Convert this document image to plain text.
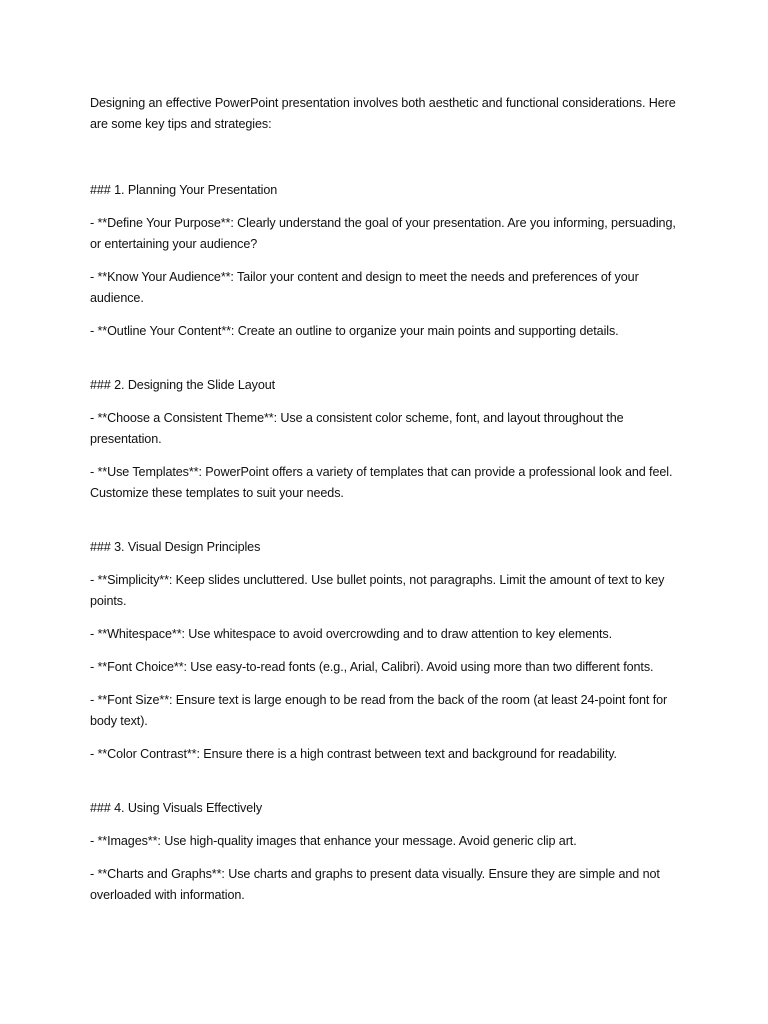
Designing an effective PowerPoint presentation involves both aesthetic and functional considerations. Here are some key tips and strategies:

### 1. Planning Your Presentation

- **Define Your Purpose**: Clearly understand the goal of your presentation. Are you informing, persuading, or entertaining your audience?

- **Know Your Audience**: Tailor your content and design to meet the needs and preferences of your audience.

- **Outline Your Content**: Create an outline to organize your main points and supporting details.

### 2. Designing the Slide Layout

- **Choose a Consistent Theme**: Use a consistent color scheme, font, and layout throughout the presentation.

- **Use Templates**: PowerPoint offers a variety of templates that can provide a professional look and feel. Customize these templates to suit your needs.

### 3. Visual Design Principles

- **Simplicity**: Keep slides uncluttered. Use bullet points, not paragraphs. Limit the amount of text to key points.

- **Whitespace**: Use whitespace to avoid overcrowding and to draw attention to key elements.

- **Font Choice**: Use easy-to-read fonts (e.g., Arial, Calibri). Avoid using more than two different fonts.

- **Font Size**: Ensure text is large enough to be read from the back of the room (at least 24-point font for body text).

- **Color Contrast**: Ensure there is a high contrast between text and background for readability.

### 4. Using Visuals Effectively

- **Images**: Use high-quality images that enhance your message. Avoid generic clip art.

- **Charts and Graphs**: Use charts and graphs to present data visually. Ensure they are simple and not overloaded with information.
